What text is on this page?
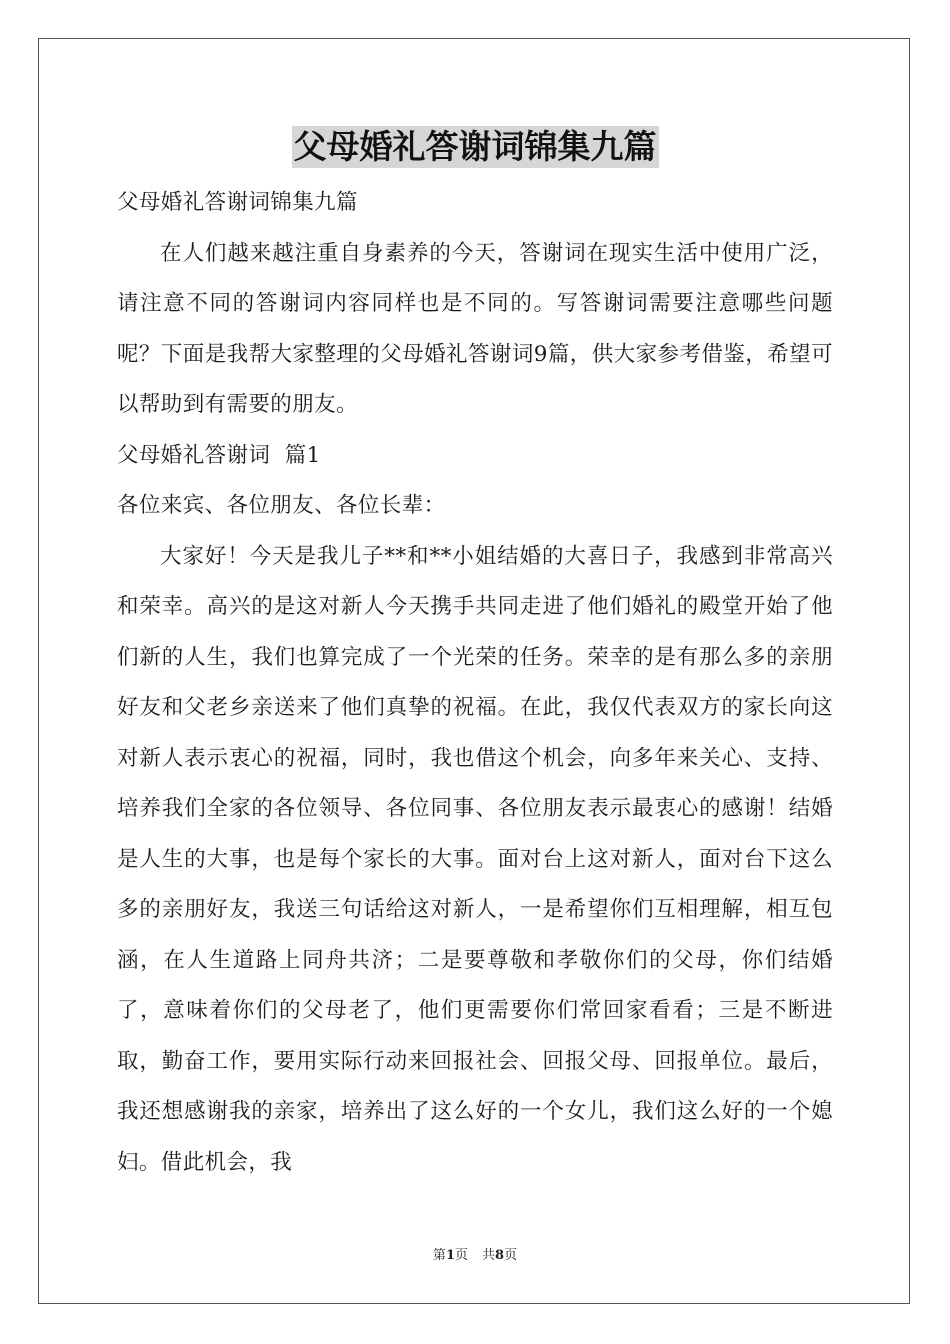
父母婚礼答谢词锦集九篇

父母婚礼答谢词锦集九篇

在人们越来越注重自身素养的今天，答谢词在现实生活中使用广泛，请注意不同的答谢词内容同样也是不同的。写答谢词需要注意哪些问题呢？下面是我帮大家整理的父母婚礼答谢词9篇，供大家参考借鉴，希望可以帮助到有需要的朋友。

父母婚礼答谢词  篇1

各位来宾、各位朋友、各位长辈：

大家好！今天是我儿子**和**小姐结婚的大喜日子，我感到非常高兴和荣幸。高兴的是这对新人今天携手共同走进了他们婚礼的殿堂开始了他们新的人生，我们也算完成了一个光荣的任务。荣幸的是有那么多的亲朋好友和父老乡亲送来了他们真挚的祝福。在此，我仅代表双方的家长向这对新人表示衷心的祝福，同时，我也借这个机会，向多年来关心、支持、培养我们全家的各位领导、各位同事、各位朋友表示最衷心的感谢！结婚是人生的大事，也是每个家长的大事。面对台上这对新人，面对台下这么多的亲朋好友，我送三句话给这对新人，一是希望你们互相理解，相互包涵，在人生道路上同舟共济；二是要尊敬和孝敬你们的父母，你们结婚了，意味着你们的父母老了，他们更需要你们常回家看看；三是不断进取，勤奋工作，要用实际行动来回报社会、回报父母、回报单位。最后，我还想感谢我的亲家，培养出了这么好的一个女儿，我们这么好的一个媳妇。借此机会，我

第1页 共8页
